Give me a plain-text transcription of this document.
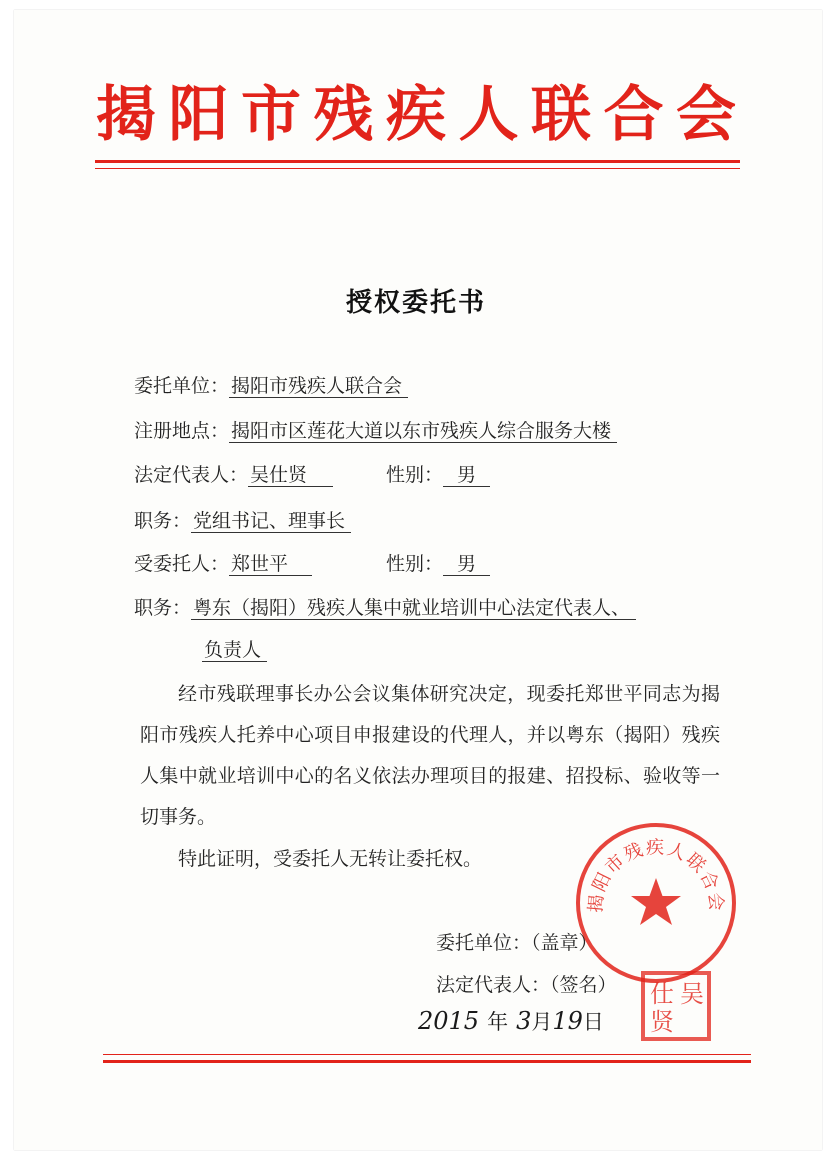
揭 阳 市 残 疾 人 联 合 会
授权委托书
委托单位： 揭阳市残疾人联合会
注册地点： 揭阳市区莲花大道以东市残疾人综合服务大楼
法定代表人： 吴仕贤	性别： 男
职务： 党组书记、理事长
受委托人： 郑世平	性别： 男
职务： 粤东（揭阳）残疾人集中就业培训中心法定代表人、
负责人
经市残联理事长办公会议集体研究决定，现委托郑世平同志为揭阳市残疾人托养中心项目申报建设的代理人，并以粤东（揭阳）残疾人集中就业培训中心的名义依法办理项目的报建、招投标、验收等一切事务。
特此证明，受委托人无转让委托权。
委托单位：（盖章）
法定代表人：（签名）
2015 年 3月19日
揭阳市残疾人联合会
吴
仕
贤
